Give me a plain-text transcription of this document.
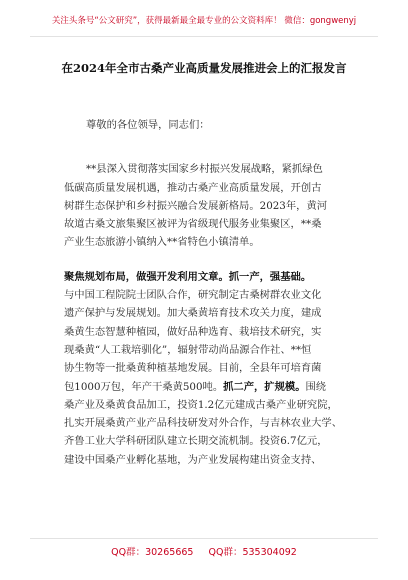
关注头条号“公文研究”，获得最新最全最专业的公文资料库！ 微信：gongwenyj
在2024年全市古桑产业高质量发展推进会上的汇报发言
尊敬的各位领导，同志们：
**县深入贯彻落实国家乡村振兴发展战略，紧抓绿色
低碳高质量发展机遇，推动古桑产业高质量发展，开创古
树群生态保护和乡村振兴融合发展新格局。2023年，黄河
故道古桑文旅集聚区被评为省级现代服务业集聚区，**桑
产业生态旅游小镇纳入**省特色小镇清单。
聚焦规划布局，做强开发利用文章。抓一产，强基础。
与中国工程院院士团队合作，研究制定古桑树群农业文化
遗产保护与发展规划。加大桑黄培育技术攻关力度，建成
桑黄生态智慧种植园，做好品种选育、栽培技术研究，实
现桑黄“人工栽培驯化”，辐射带动尚品源合作社、**恒
协生物等一批桑黄种植基地发展。目前，全县年可培育菌
包1000万包，年产干桑黄500吨。抓二产，扩规模。围绕
桑产业及桑黄食品加工，投资1.2亿元建成古桑产业研究院，
扎实开展桑黄产业产品科技研发对外合作，与吉林农业大学、
齐鲁工业大学科研团队建立长期交流机制。投资6.7亿元，
建设中国桑产业孵化基地，为产业发展构建出资金支持、
QQ群：30265665 QQ群：535304092
